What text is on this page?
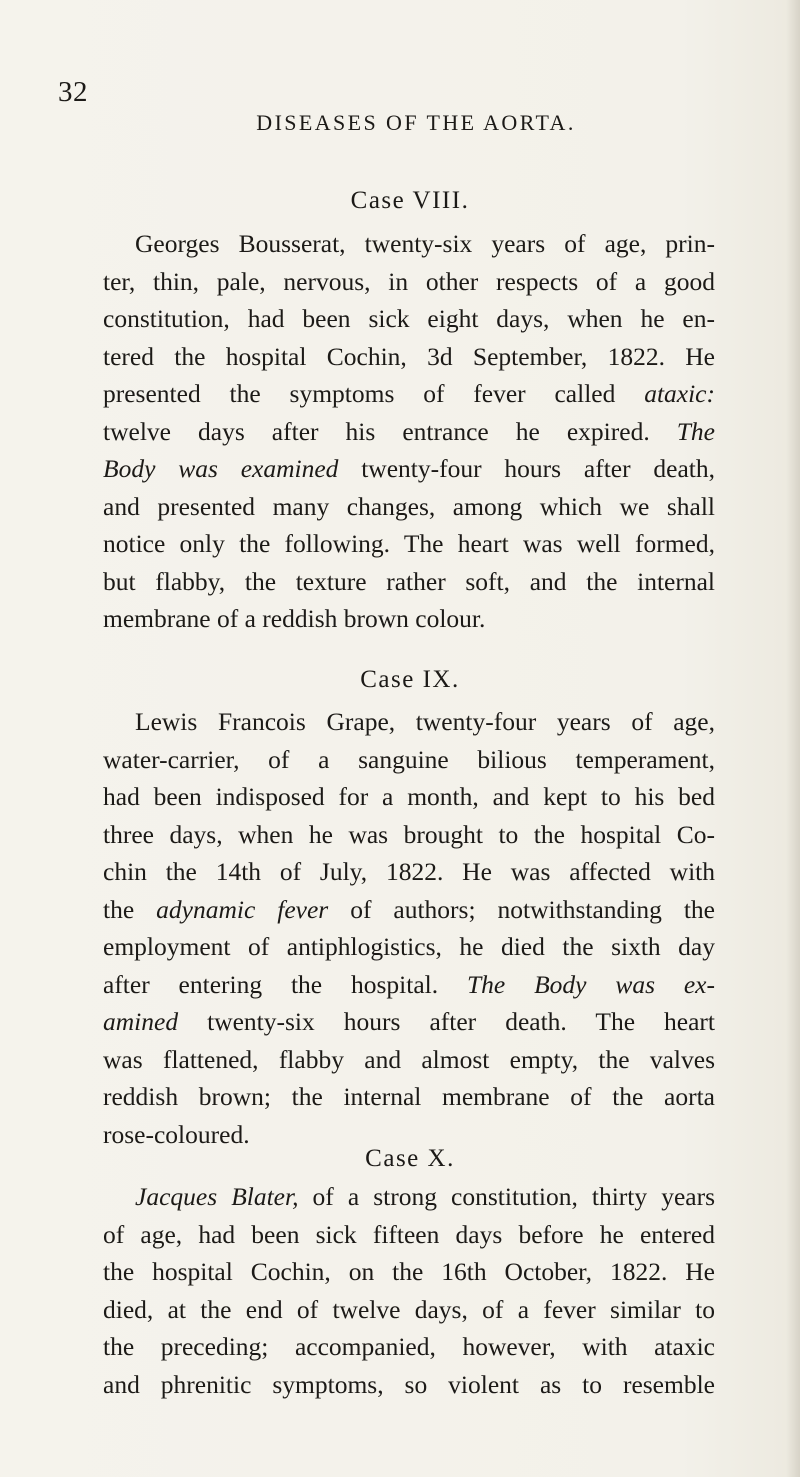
32
DISEASES OF THE AORTA.
Case VIII.
Georges Bousserat, twenty-six years of age, prin-
ter, thin, pale, nervous, in other respects of a good
constitution, had been sick eight days, when he en-
tered the hospital Cochin, 3d September, 1822. He
presented the symptoms of fever called ataxic:
twelve days after his entrance he expired. The
Body was examined twenty-four hours after death,
and presented many changes, among which we shall
notice only the following. The heart was well formed,
but flabby, the texture rather soft, and the internal
membrane of a reddish brown colour.
Case IX.
Lewis Francois Grape, twenty-four years of age,
water-carrier, of a sanguine bilious temperament,
had been indisposed for a month, and kept to his bed
three days, when he was brought to the hospital Co-
chin the 14th of July, 1822. He was affected with
the adynamic fever of authors; notwithstanding the
employment of antiphlogistics, he died the sixth day
after entering the hospital. The Body was ex-
amined twenty-six hours after death. The heart
was flattened, flabby and almost empty, the valves
reddish brown; the internal membrane of the aorta
rose-coloured.
Case X.
Jacques Blater, of a strong constitution, thirty years
of age, had been sick fifteen days before he entered
the hospital Cochin, on the 16th October, 1822. He
died, at the end of twelve days, of a fever similar to
the preceding; accompanied, however, with ataxic
and phrenitic symptoms, so violent as to resemble
